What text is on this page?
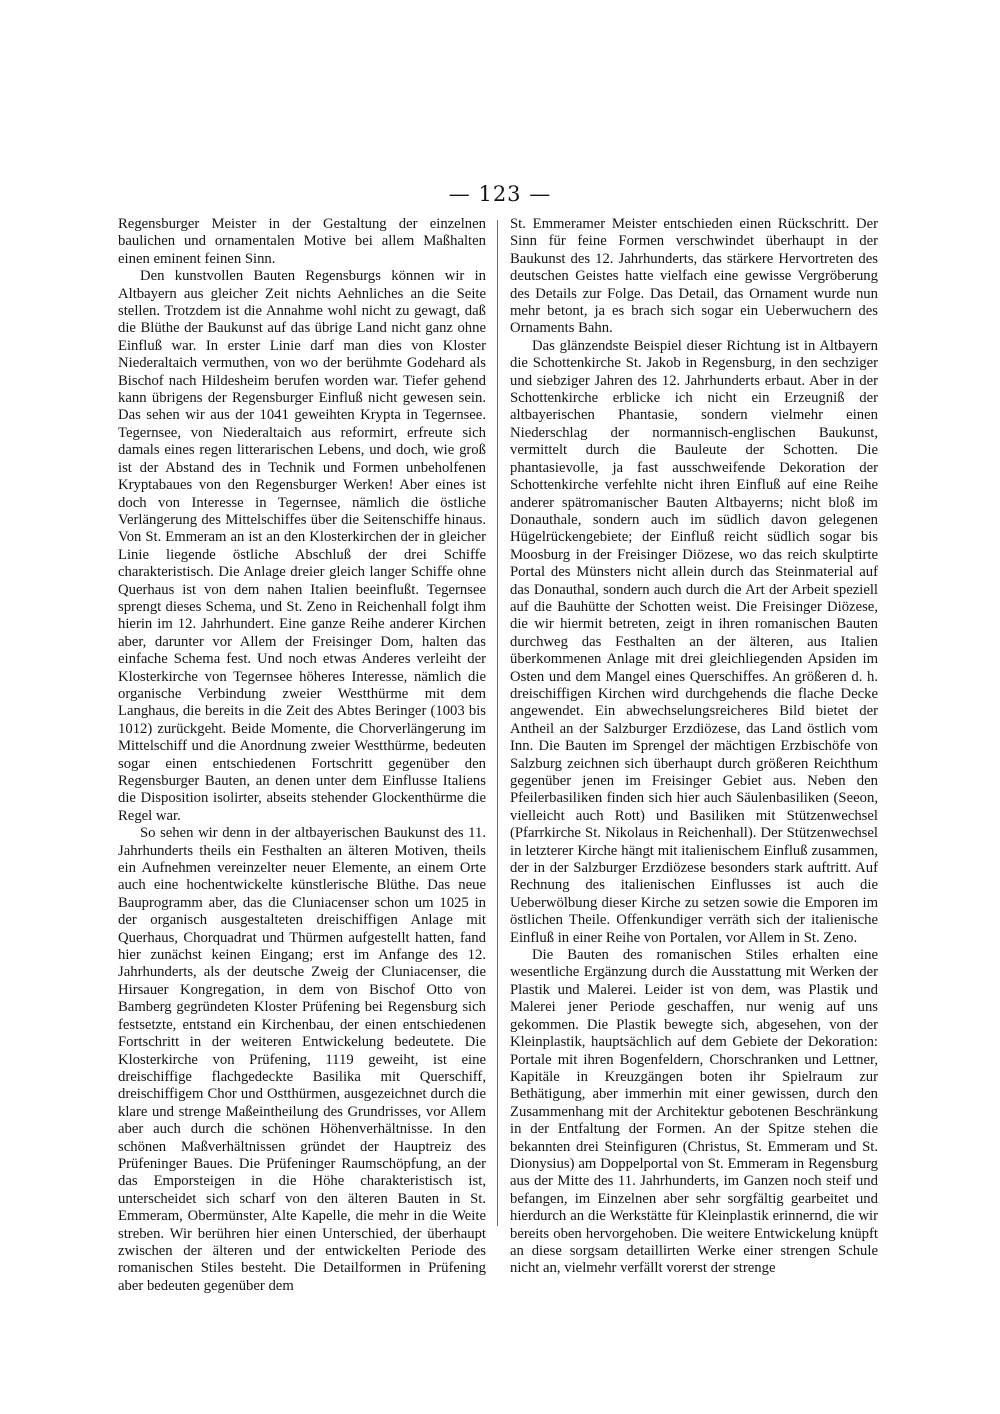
— 123 —

Regensburger Meister in der Gestaltung der einzelnen baulichen und ornamentalen Motive bei allem Maßhalten einen eminent feinen Sinn.

Den kunstvollen Bauten Regensburgs können wir in Altbayern aus gleicher Zeit nichts Aehnliches an die Seite stellen. Trotzdem ist die Annahme wohl nicht zu gewagt, daß die Blüthe der Baukunst auf das übrige Land nicht ganz ohne Einfluß war. In erster Linie darf man dies von Kloster Niederaltaich vermuthen, von wo der berühmte Godehard als Bischof nach Hildesheim berufen worden war. Tiefer gehend kann übrigens der Regensburger Einfluß nicht gewesen sein. Das sehen wir aus der 1041 geweihten Krypta in Tegernsee. Tegernsee, von Niederaltaich aus reformirt, erfreute sich damals eines regen litterarischen Lebens, und doch, wie groß ist der Abstand des in Technik und Formen unbeholfenen Kryptabaues von den Regensburger Werken! Aber eines ist doch von Interesse in Tegernsee, nämlich die östliche Verlängerung des Mittelschiffes über die Seitenschiffe hinaus. Von St. Emmeram an ist an den Klosterkirchen der in gleicher Linie liegende östliche Abschluß der drei Schiffe charakteristisch. Die Anlage dreier gleich langer Schiffe ohne Querhaus ist von dem nahen Italien beeinflußt. Tegernsee sprengt dieses Schema, und St. Zeno in Reichenhall folgt ihm hierin im 12. Jahrhundert. Eine ganze Reihe anderer Kirchen aber, darunter vor Allem der Freisinger Dom, halten das einfache Schema fest. Und noch etwas Anderes verleiht der Klosterkirche von Tegernsee höheres Interesse, nämlich die organische Verbindung zweier Westthürme mit dem Langhaus, die bereits in die Zeit des Abtes Beringer (1003 bis 1012) zurückgeht. Beide Momente, die Chorverlängerung im Mittelschiff und die Anordnung zweier Westthürme, bedeuten sogar einen entschiedenen Fortschritt gegenüber den Regensburger Bauten, an denen unter dem Einflusse Italiens die Disposition isolirter, abseits stehender Glockenthürme die Regel war.

So sehen wir denn in der altbayerischen Baukunst des 11. Jahrhunderts theils ein Festhalten an älteren Motiven, theils ein Aufnehmen vereinzelter neuer Elemente, an einem Orte auch eine hochentwickelte künstlerische Blüthe. Das neue Bauprogramm aber, das die Cluniacenser schon um 1025 in der organisch ausgestalteten dreischiffigen Anlage mit Querhaus, Chorquadrat und Thürmen aufgestellt hatten, fand hier zunächst keinen Eingang; erst im Anfange des 12. Jahrhunderts, als der deutsche Zweig der Cluniacenser, die Hirsauer Kongregation, in dem von Bischof Otto von Bamberg gegründeten Kloster Prüfening bei Regensburg sich festsetzte, entstand ein Kirchenbau, der einen entschiedenen Fortschritt in der weiteren Entwickelung bedeutete. Die Klosterkirche von Prüfening, 1119 geweiht, ist eine dreischiffige flachgedeckte Basilika mit Querschiff, dreischiffigem Chor und Ostthürmen, ausgezeichnet durch die klare und strenge Maßeintheilung des Grundrisses, vor Allem aber auch durch die schönen Höhenverhältnisse. In den schönen Maßverhältnissen gründet der Hauptreiz des Prüfeninger Baues. Die Prüfeninger Raumschöpfung, an der das Emporsteigen in die Höhe charakteristisch ist, unterscheidet sich scharf von den älteren Bauten in St. Emmeram, Obermünster, Alte Kapelle, die mehr in die Weite streben. Wir berühren hier einen Unterschied, der überhaupt zwischen der älteren und der entwickelten Periode des romanischen Stiles besteht. Die Detailformen in Prüfening aber bedeuten gegenüber dem

St. Emmeramer Meister entschieden einen Rückschritt. Der Sinn für feine Formen verschwindet überhaupt in der Baukunst des 12. Jahrhunderts, das stärkere Hervortreten des deutschen Geistes hatte vielfach eine gewisse Vergröberung des Details zur Folge. Das Detail, das Ornament wurde nun mehr betont, ja es brach sich sogar ein Ueberwuchern des Ornaments Bahn.

Das glänzendste Beispiel dieser Richtung ist in Altbayern die Schottenkirche St. Jakob in Regensburg, in den sechziger und siebziger Jahren des 12. Jahrhunderts erbaut. Aber in der Schottenkirche erblicke ich nicht ein Erzeugniß der altbayerischen Phantasie, sondern vielmehr einen Niederschlag der normannisch-englischen Baukunst, vermittelt durch die Bauleute der Schotten. Die phantasievolle, ja fast ausschweifende Dekoration der Schottenkirche verfehlte nicht ihren Einfluß auf eine Reihe anderer spätromanischer Bauten Altbayerns; nicht bloß im Donauthale, sondern auch im südlich davon gelegenen Hügelrückengebiete; der Einfluß reicht südlich sogar bis Moosburg in der Freisinger Diözese, wo das reich skulptirte Portal des Münsters nicht allein durch das Steinmaterial auf das Donauthal, sondern auch durch die Art der Arbeit speziell auf die Bauhütte der Schotten weist. Die Freisinger Diözese, die wir hiermit betreten, zeigt in ihren romanischen Bauten durchweg das Festhalten an der älteren, aus Italien überkommenen Anlage mit drei gleichliegenden Apsiden im Osten und dem Mangel eines Querschiffes. An größeren d. h. dreischiffigen Kirchen wird durchgehends die flache Decke angewendet. Ein abwechselungsreicheres Bild bietet der Antheil an der Salzburger Erzdiözese, das Land östlich vom Inn. Die Bauten im Sprengel der mächtigen Erzbischöfe von Salzburg zeichnen sich überhaupt durch größeren Reichthum gegenüber jenen im Freisinger Gebiet aus. Neben den Pfeilerbasiliken finden sich hier auch Säulenbasiliken (Seeon, vielleicht auch Rott) und Basiliken mit Stützenwechsel (Pfarrkirche St. Nikolaus in Reichenhall). Der Stützenwechsel in letzterer Kirche hängt mit italienischem Einfluß zusammen, der in der Salzburger Erzdiözese besonders stark auftritt. Auf Rechnung des italienischen Einflusses ist auch die Ueberwölbung dieser Kirche zu setzen sowie die Emporen im östlichen Theile. Offenkundiger verräth sich der italienische Einfluß in einer Reihe von Portalen, vor Allem in St. Zeno.

Die Bauten des romanischen Stiles erhalten eine wesentliche Ergänzung durch die Ausstattung mit Werken der Plastik und Malerei. Leider ist von dem, was Plastik und Malerei jener Periode geschaffen, nur wenig auf uns gekommen. Die Plastik bewegte sich, abgesehen, von der Kleinplastik, hauptsächlich auf dem Gebiete der Dekoration: Portale mit ihren Bogenfeldern, Chorschranken und Lettner, Kapitäle in Kreuzgängen boten ihr Spielraum zur Bethätigung, aber immerhin mit einer gewissen, durch den Zusammenhang mit der Architektur gebotenen Beschränkung in der Entfaltung der Formen. An der Spitze stehen die bekannten drei Steinfiguren (Christus, St. Emmeram und St. Dionysius) am Doppelportal von St. Emmeram in Regensburg aus der Mitte des 11. Jahrhunderts, im Ganzen noch steif und befangen, im Einzelnen aber sehr sorgfältig gearbeitet und hierdurch an die Werkstätte für Kleinplastik erinnernd, die wir bereits oben hervorgehoben. Die weitere Entwickelung knüpft an diese sorgsam detaillirten Werke einer strengen Schule nicht an, vielmehr verfällt vorerst der strenge
